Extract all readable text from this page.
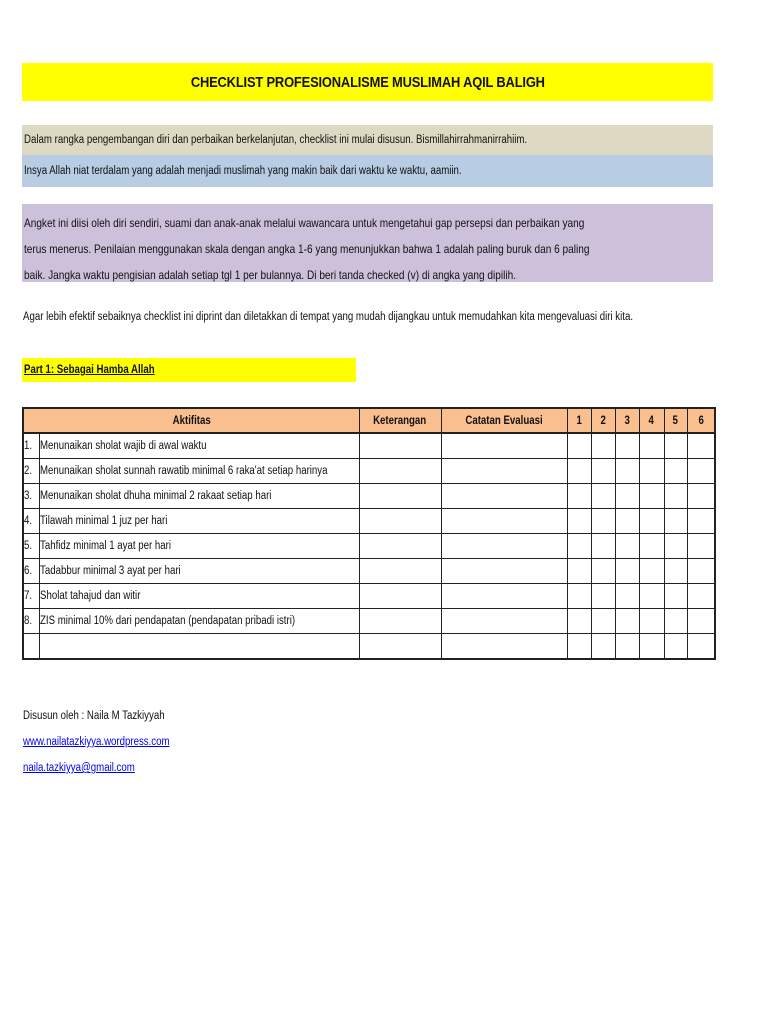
CHECKLIST PROFESIONALISME MUSLIMAH AQIL BALIGH
Dalam rangka pengembangan diri dan perbaikan berkelanjutan, checklist ini mulai disusun. Bismillahirrahmanirrahiim.
Insya Allah niat terdalam yang adalah menjadi muslimah yang makin baik dari waktu ke waktu, aamiin.

Angket ini diisi oleh diri sendiri, suami dan anak-anak melalui wawancara untuk mengetahui gap persepsi dan perbaikan yang terus menerus. Penilaian menggunakan skala dengan angka 1-6 yang menunjukkan bahwa 1 adalah paling buruk dan 6 paling baik. Jangka waktu pengisian adalah setiap tgl 1 per bulannya. Di beri tanda checked (v) di angka yang dipilih.

Agar lebih efektif sebaiknya checklist ini diprint dan diletakkan di tempat yang mudah dijangkau untuk memudahkan kita mengevaluasi diri kita.
Part 1: Sebagai Hamba Allah
Aktifitas		Keterangan	Catatan Evaluasi	1	2	3	4	5	6
1.	Menunaikan sholat wajib di awal waktu								
2.	Menunaikan sholat sunnah rawatib minimal 6 raka'at setiap harinya								
3.	Menunaikan sholat dhuha minimal 2 rakaat setiap hari								
4.	Tilawah minimal 1 juz per hari								
5.	Tahfidz minimal 1 ayat per hari								
6.	Tadabbur minimal 3 ayat per hari								
7.	Sholat tahajud dan witir								
8.	ZIS minimal 10% dari pendapatan (pendapatan pribadi istri)								

Disusun oleh : Naila M Tazkiyyah
www.nailatazkiyya.wordpress.com
naila.tazkiyya@gmail.com
